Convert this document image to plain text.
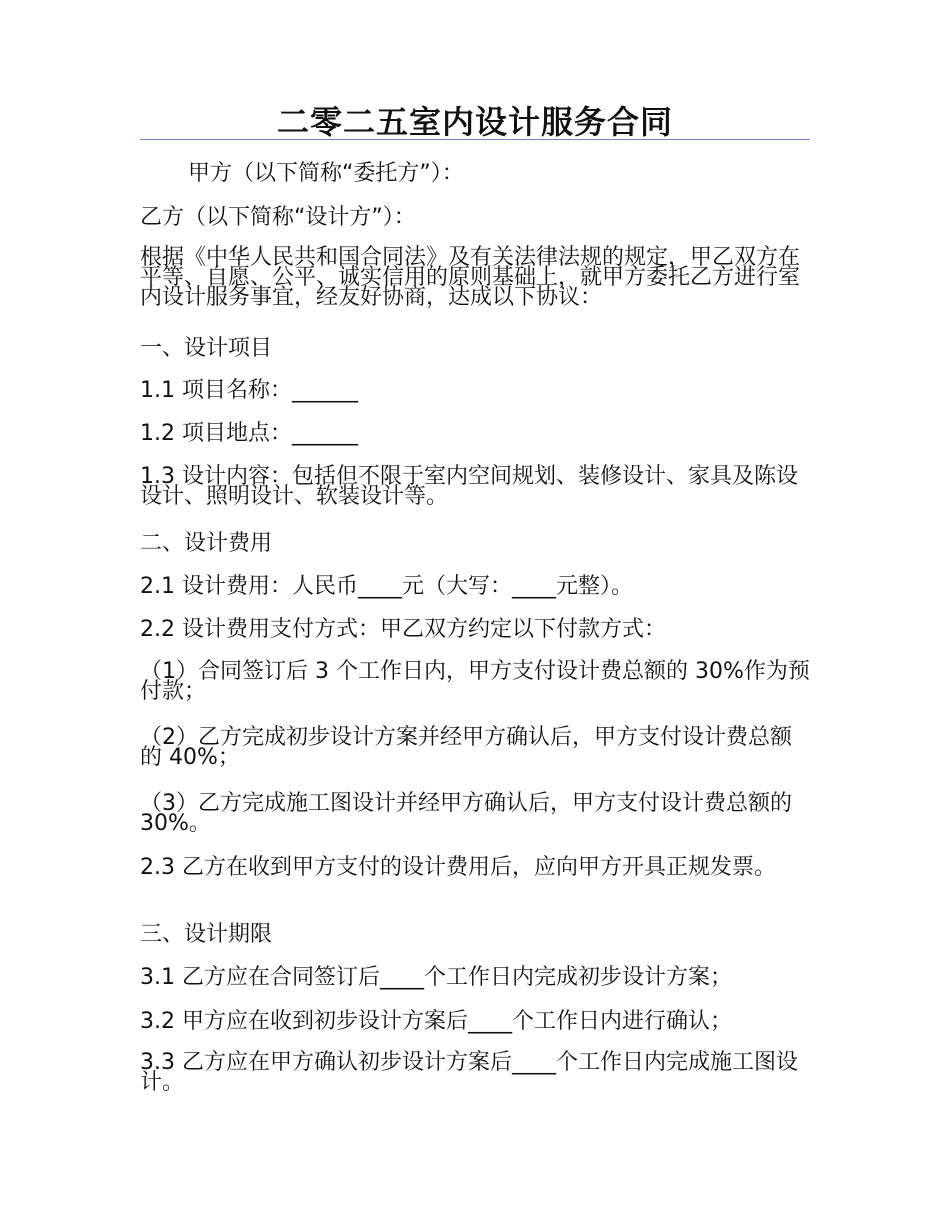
二零二五室内设计服务合同
甲方（以下简称“委托方”）：
乙方（以下简称“设计方”）：
根据《中华人民共和国合同法》及有关法律法规的规定，甲乙双方在平等、自愿、公平、诚实信用的原则基础上，就甲方委托乙方进行室内设计服务事宜，经友好协商，达成以下协议：
一、设计项目
1.1 项目名称：______
1.2 项目地点：______
1.3 设计内容：包括但不限于室内空间规划、装修设计、家具及陈设设计、照明设计、软装设计等。
二、设计费用
2.1 设计费用：人民币____元（大写：____元整）。
2.2 设计费用支付方式：甲乙双方约定以下付款方式：
（1）合同签订后 3 个工作日内，甲方支付设计费总额的 30%作为预付款；
（2）乙方完成初步设计方案并经甲方确认后，甲方支付设计费总额的 40%；
（3）乙方完成施工图设计并经甲方确认后，甲方支付设计费总额的 30%。
2.3 乙方在收到甲方支付的设计费用后，应向甲方开具正规发票。
三、设计期限
3.1 乙方应在合同签订后____个工作日内完成初步设计方案；
3.2 甲方应在收到初步设计方案后____个工作日内进行确认；
3.3 乙方应在甲方确认初步设计方案后____个工作日内完成施工图设计。
